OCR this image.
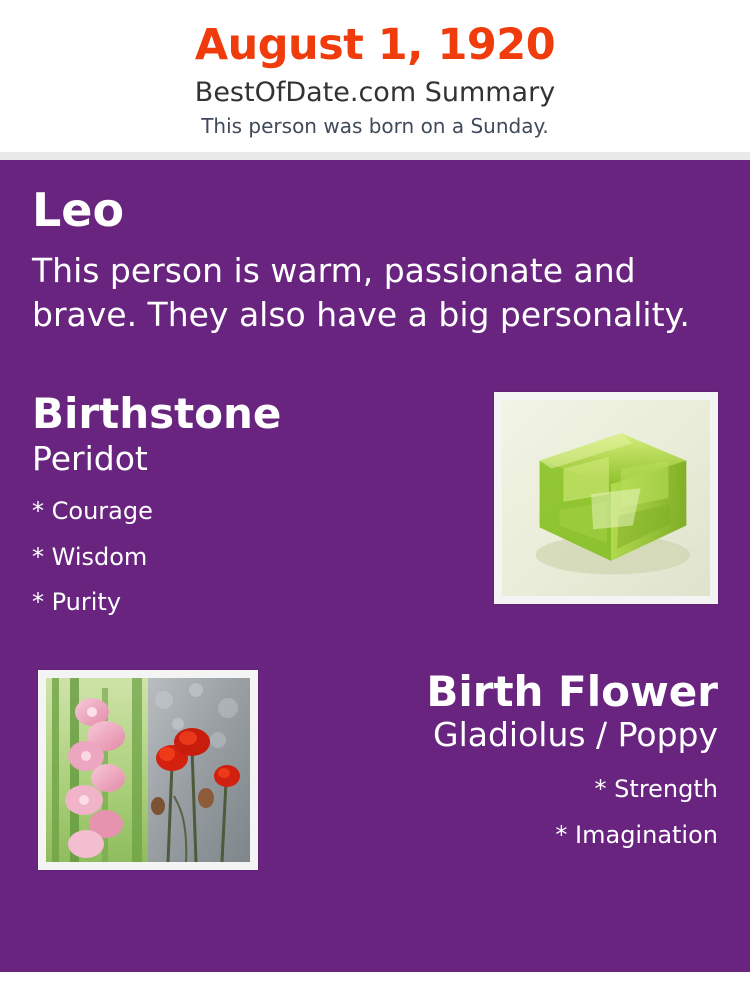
August 1, 1920
BestOfDate.com Summary
This person was born on a Sunday.
Leo
This person is warm, passionate and brave. They also have a big personality.
Birthstone
Peridot
* Courage
* Wisdom
* Purity
Birth Flower
Gladiolus / Poppy
* Strength
* Imagination
